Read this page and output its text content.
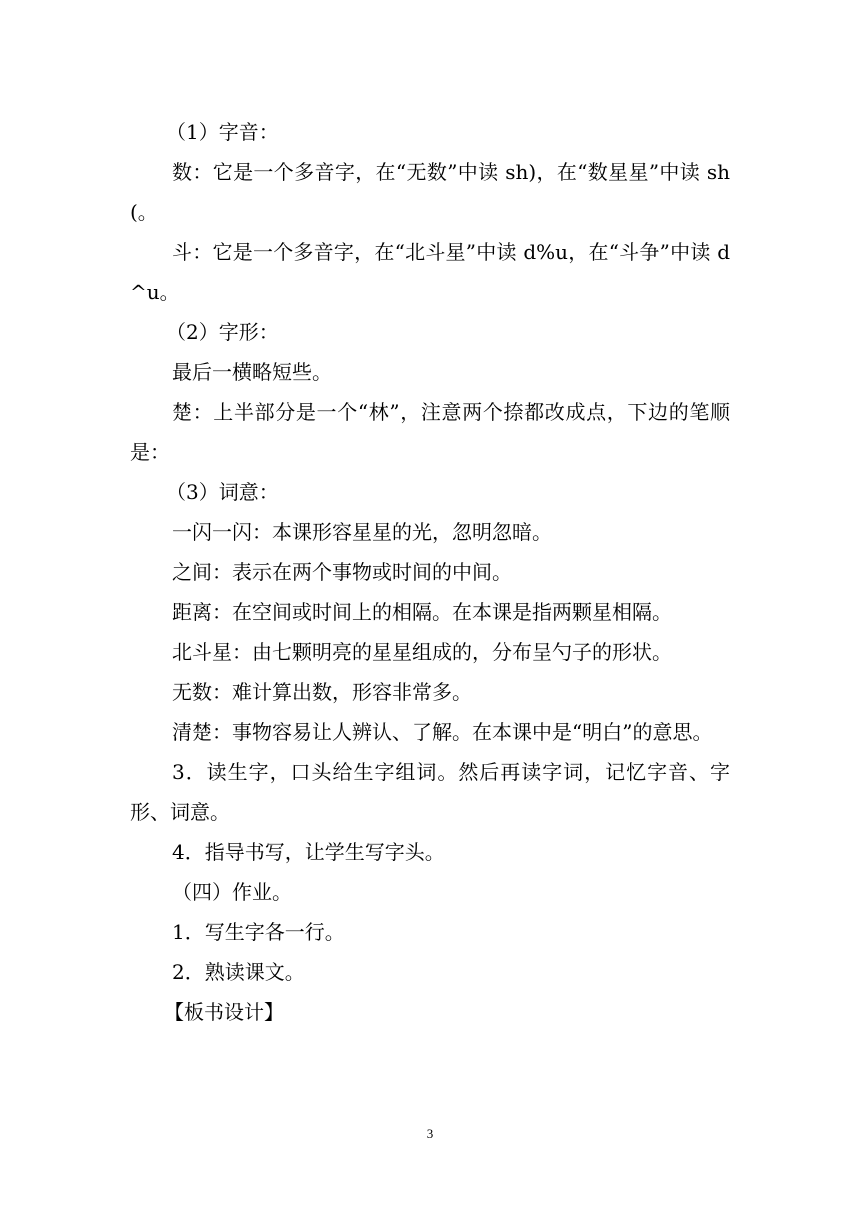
（1）字音：

数：它是一个多音字，在“无数”中读 sh)，在“数星星”中读 sh(。

斗：它是一个多音字，在“北斗星”中读 d%u，在“斗争”中读 d^u。

（2）字形：

最后一横略短些。

楚：上半部分是一个“林”，注意两个捺都改成点，下边的笔顺是：

（3）词意：

一闪一闪：本课形容星星的光，忽明忽暗。

之间：表示在两个事物或时间的中间。

距离：在空间或时间上的相隔。在本课是指两颗星相隔。

北斗星：由七颗明亮的星星组成的，分布呈勺子的形状。

无数：难计算出数，形容非常多。

清楚：事物容易让人辨认、了解。在本课中是“明白”的意思。

3．读生字，口头给生字组词。然后再读字词，记忆字音、字形、词意。

4．指导书写，让学生写字头。

（四）作业。

1．写生字各一行。

2．熟读课文。

【板书设计】

3
